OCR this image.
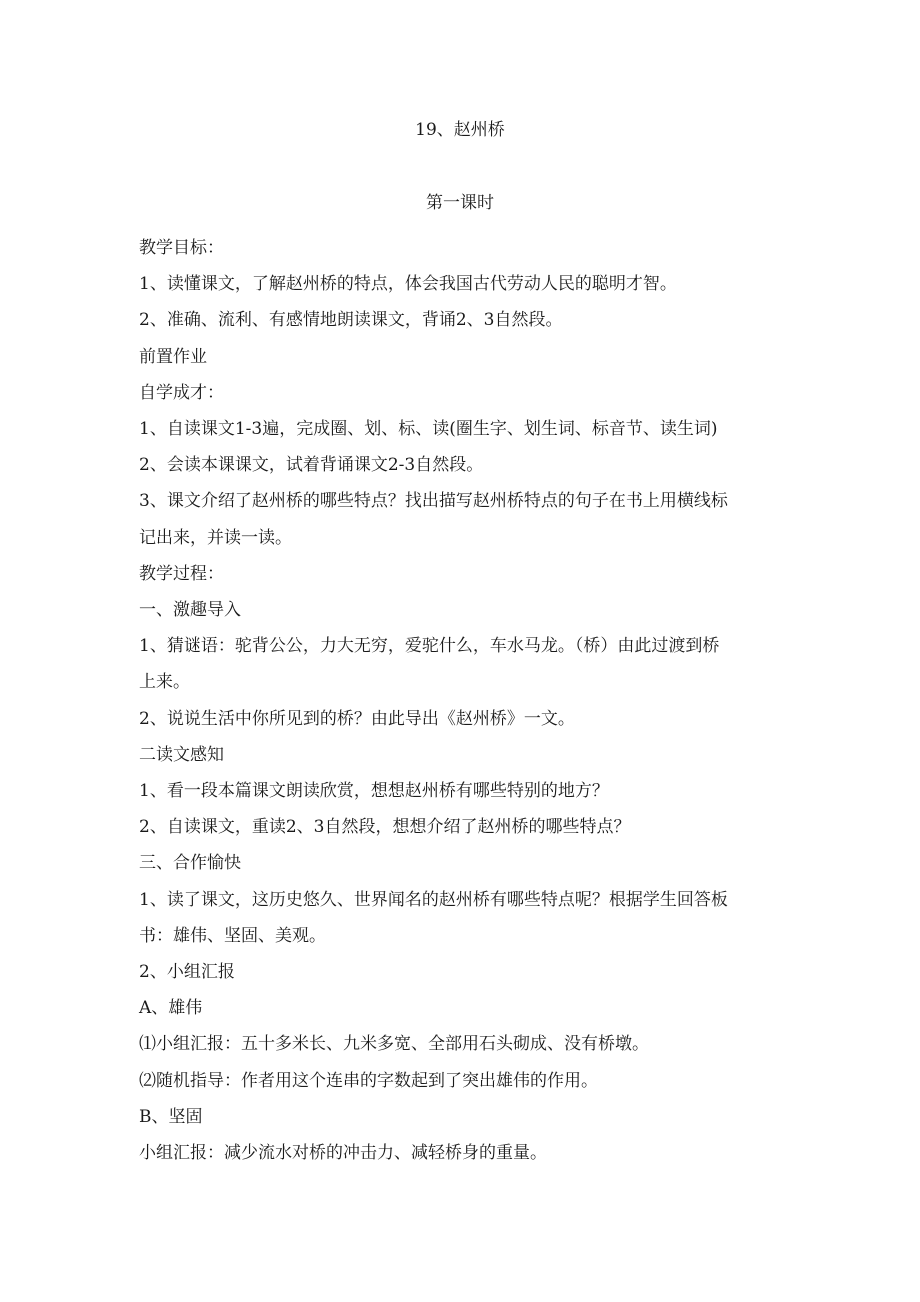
19、赵州桥
第一课时

教学目标：

1、读懂课文，了解赵州桥的特点，体会我国古代劳动人民的聪明才智。

2、准确、流利、有感情地朗读课文，背诵2、3自然段。

前置作业

自学成才：

1、自读课文1-3遍，完成圈、划、标、读(圈生字、划生词、标音节、读生词)

2、会读本课课文，试着背诵课文2-3自然段。

3、课文介绍了赵州桥的哪些特点？找出描写赵州桥特点的句子在书上用横线标

记出来，并读一读。

教学过程：

一、激趣导入

1、猜谜语：驼背公公，力大无穷，爱驼什么，车水马龙。（桥）由此过渡到桥

上来。

2、说说生活中你所见到的桥？由此导出《赵州桥》一文。

二读文感知

1、看一段本篇课文朗读欣赏，想想赵州桥有哪些特别的地方？

2、自读课文，重读2、3自然段，想想介绍了赵州桥的哪些特点？

三、合作愉快

1、读了课文，这历史悠久、世界闻名的赵州桥有哪些特点呢？根据学生回答板

书：雄伟、坚固、美观。

2、小组汇报

A、雄伟

⑴小组汇报：五十多米长、九米多宽、全部用石头砌成、没有桥墩。

⑵随机指导：作者用这个连串的字数起到了突出雄伟的作用。

B、坚固

小组汇报：减少流水对桥的冲击力、减轻桥身的重量。
